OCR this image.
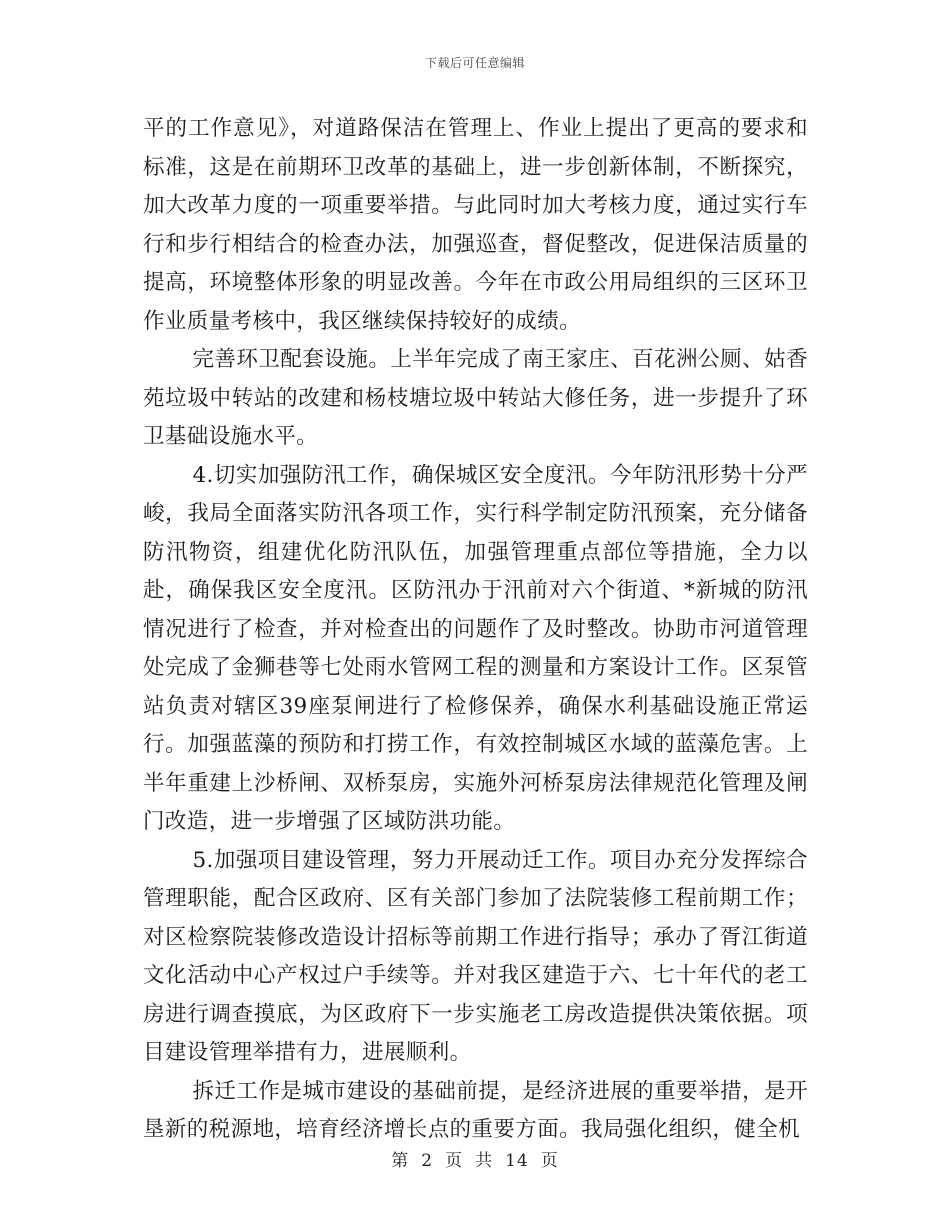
下载后可任意编辑

平的工作意见》，对道路保洁在管理上、作业上提出了更高的要求和标准，这是在前期环卫改革的基础上，进一步创新体制，不断探究，加大改革力度的一项重要举措。与此同时加大考核力度，通过实行车行和步行相结合的检查办法，加强巡查，督促整改，促进保洁质量的提高，环境整体形象的明显改善。今年在市政公用局组织的三区环卫作业质量考核中，我区继续保持较好的成绩。

完善环卫配套设施。上半年完成了南王家庄、百花洲公厕、姑香苑垃圾中转站的改建和杨枝塘垃圾中转站大修任务，进一步提升了环卫基础设施水平。

4.切实加强防汛工作，确保城区安全度汛。今年防汛形势十分严峻，我局全面落实防汛各项工作，实行科学制定防汛预案，充分储备防汛物资，组建优化防汛队伍，加强管理重点部位等措施，全力以赴，确保我区安全度汛。区防汛办于汛前对六个街道、*新城的防汛情况进行了检查，并对检查出的问题作了及时整改。协助市河道管理处完成了金狮巷等七处雨水管网工程的测量和方案设计工作。区泵管站负责对辖区39座泵闸进行了检修保养，确保水利基础设施正常运行。加强蓝藻的预防和打捞工作，有效控制城区水域的蓝藻危害。上半年重建上沙桥闸、双桥泵房，实施外河桥泵房法律规范化管理及闸门改造，进一步增强了区域防洪功能。

5.加强项目建设管理，努力开展动迁工作。项目办充分发挥综合管理职能，配合区政府、区有关部门参加了法院装修工程前期工作；对区检察院装修改造设计招标等前期工作进行指导；承办了胥江街道文化活动中心产权过户手续等。并对我区建造于六、七十年代的老工房进行调查摸底，为区政府下一步实施老工房改造提供决策依据。项目建设管理举措有力，进展顺利。

拆迁工作是城市建设的基础前提，是经济进展的重要举措，是开垦新的税源地，培育经济增长点的重要方面。我局强化组织，健全机

第 2 页 共 14 页
